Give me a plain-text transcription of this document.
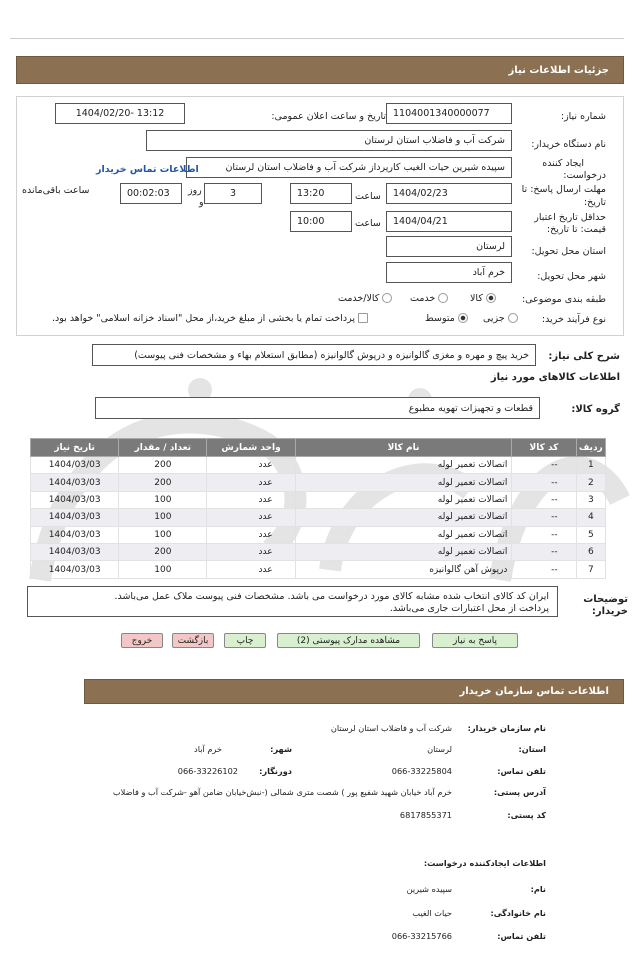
جزئیات اطلاعات نیاز
شماره نیاز:
1104001340000077
تاریخ و ساعت اعلان عمومی:
1404/02/20- 13:12
نام دستگاه خریدار:
شرکت آب و فاضلاب استان لرستان
ایجاد کننده
درخواست:
سپیده شیرین حیات الغیب کارپرداز شرکت آب و فاضلاب استان لرستان
اطلاعات تماس خریدار
مهلت ارسال پاسخ: تا
تاریخ:
1404/02/23
ساعت
13:20
3
روز
و
00:02:03
ساعت باقی‌مانده
حداقل تاریخ اعتبار
قیمت: تا تاریخ:
1404/04/21
ساعت
10:00
استان محل تحویل:
لرستان
شهر محل تحویل:
خرم آباد
طبقه بندی موضوعی:
کالا
خدمت
کالا/خدمت
نوع فرآیند خرید:
جزیی
متوسط
پرداخت تمام یا بخشی از مبلغ خرید،از محل "اسناد خزانه اسلامی" خواهد بود.
شرح کلی نیاز:
خرید پیچ و مهره و مغزی گالوانیزه و درپوش گالوانیزه (مطابق استعلام بهاء و مشخصات فنی پیوست)
اطلاعات کالاهای مورد نیاز
گروه کالا:
قطعات و تجهیزات تهویه مطبوع
ردیف	کد کالا	نام کالا	واحد شمارش	تعداد / مقدار	تاریخ نیاز
1	--	اتصالات تعمیر لوله	عدد	200	1404/03/03
2	--	اتصالات تعمیر لوله	عدد	200	1404/03/03
3	--	اتصالات تعمیر لوله	عدد	100	1404/03/03
4	--	اتصالات تعمیر لوله	عدد	100	1404/03/03
5	--	اتصالات تعمیر لوله	عدد	100	1404/03/03
6	--	اتصالات تعمیر لوله	عدد	200	1404/03/03
7	--	درپوش آهن گالوانیزه	عدد	100	1404/03/03
توضیحات
خریدار:
ایران کد کالای انتخاب شده مشابه کالای مورد درخواست می باشد. مشخصات فنی پیوست ملاک عمل می‌باشد.
پرداخت از محل اعتبارات جاری می‌باشد.
پاسخ به نیاز
مشاهده مدارک پیوستی (2)
چاپ
بازگشت
خروج
اطلاعات تماس سازمان خریدار
نام سازمان خریدار:
شرکت آب و فاضلاب استان لرستان
استان:
لرستان
شهر:
خرم آباد
تلفن تماس:
066-33225804
دورنگار:
066-33226102
آدرس پستی:
خرم آباد خیابان شهید شفیع پور ) شصت متری شمالی (-نبش‌خیابان ضامن آهو -شرکت آب و فاضلاب
کد پستی:
6817855371
اطلاعات ایجادکننده درخواست:
نام:
سپیده شیرین
نام خانوادگی:
حیات الغیب
تلفن تماس:
066-33215766
